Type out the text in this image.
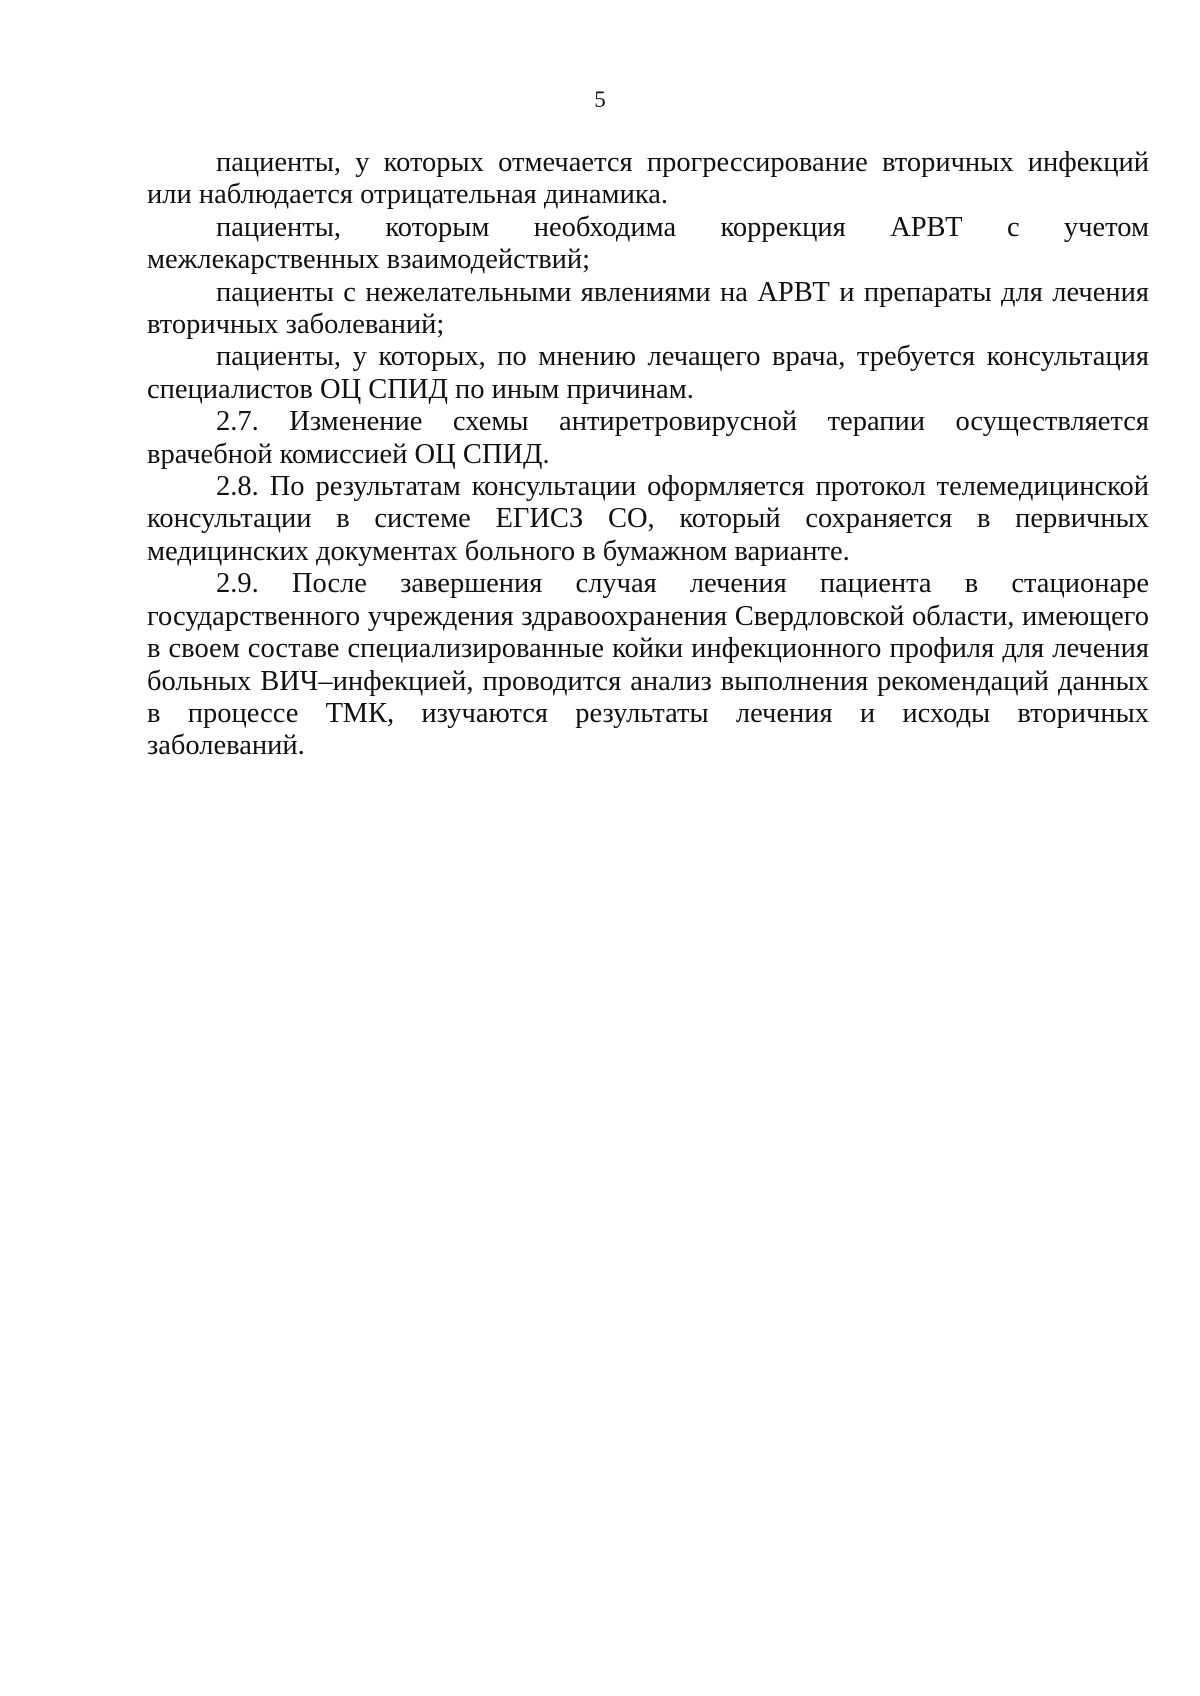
5

пациенты, у которых отмечается прогрессирование вторичных инфекций или наблюдается отрицательная динамика.

пациенты, которым необходима коррекция АРВТ с учетом межлекарственных взаимодействий;

пациенты с нежелательными явлениями на АРВТ и препараты для лечения вторичных заболеваний;

пациенты, у которых, по мнению лечащего врача, требуется консультация специалистов ОЦ СПИД по иным причинам.

2.7. Изменение схемы антиретровирусной терапии осуществляется врачебной комиссией ОЦ СПИД.

2.8. По результатам консультации оформляется протокол телемедицинской консультации в системе ЕГИСЗ СО, который сохраняется в первичных медицинских документах больного в бумажном варианте.

2.9. После завершения случая лечения пациента в стационаре государственного учреждения здравоохранения Свердловской области, имеющего в своем составе специализированные койки инфекционного профиля для лечения больных ВИЧ–инфекцией, проводится анализ выполнения рекомендаций данных в процессе ТМК, изучаются результаты лечения и исходы вторичных заболеваний.
